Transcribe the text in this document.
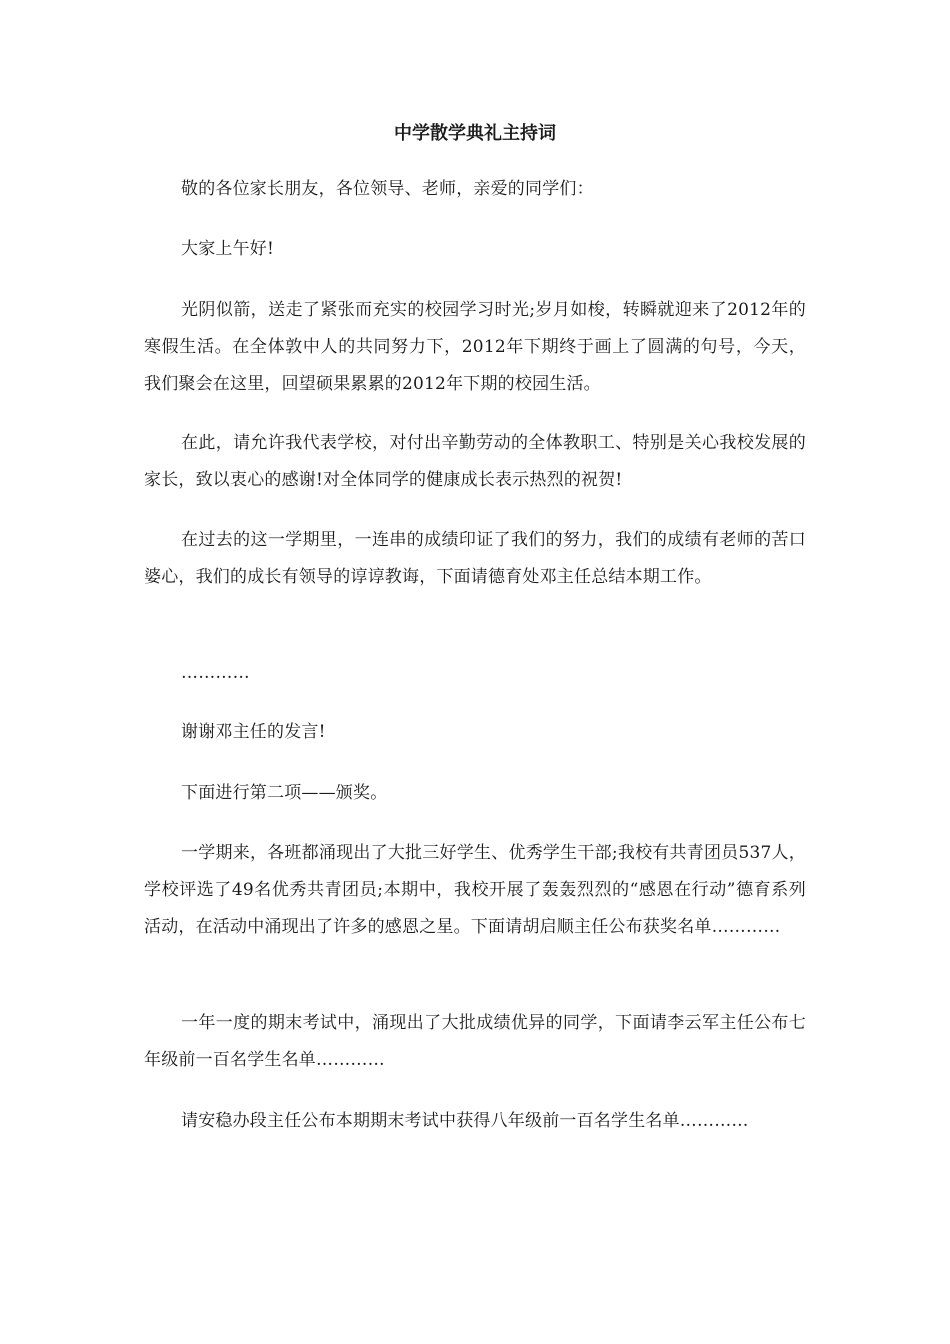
中学散学典礼主持词

敬的各位家长朋友，各位领导、老师，亲爱的同学们：

大家上午好!

光阴似箭，送走了紧张而充实的校园学习时光;岁月如梭，转瞬就迎来了2012年的寒假生活。在全体敦中人的共同努力下，2012年下期终于画上了圆满的句号，今天，我们聚会在这里，回望硕果累累的2012年下期的校园生活。

在此，请允许我代表学校，对付出辛勤劳动的全体教职工、特别是关心我校发展的家长，致以衷心的感谢!对全体同学的健康成长表示热烈的祝贺!

在过去的这一学期里，一连串的成绩印证了我们的努力，我们的成绩有老师的苦口婆心，我们的成长有领导的谆谆教诲，下面请德育处邓主任总结本期工作。

…………

谢谢邓主任的发言!

下面进行第二项——颁奖。

一学期来，各班都涌现出了大批三好学生、优秀学生干部;我校有共青团员537人，学校评选了49名优秀共青团员;本期中，我校开展了轰轰烈烈的“感恩在行动”德育系列活动，在活动中涌现出了许多的感恩之星。下面请胡启顺主任公布获奖名单…………

一年一度的期末考试中，涌现出了大批成绩优异的同学，下面请李云军主任公布七年级前一百名学生名单…………

请安稳办段主任公布本期期末考试中获得八年级前一百名学生名单…………
